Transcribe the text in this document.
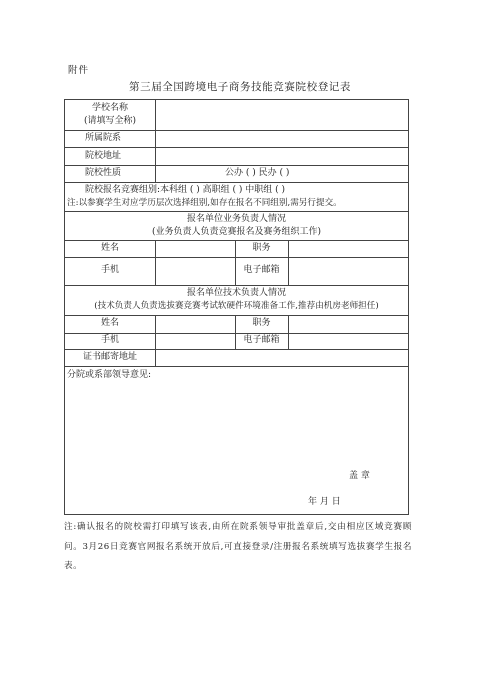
附件
第三届全国跨境电子商务技能竞赛院校登记表
学校名称
(请填写全称)
所属院系
院校地址
院校性质	公办 ( ) 民办 ( )
院校报名竞赛组别:本科组 ( ) 高职组 ( ) 中职组 ( )
注:以参赛学生对应学历层次选择组别,如存在报名不同组别,需另行提交。
报名单位业务负责人情况
(业务负责人负责竞赛报名及赛务组织工作)
姓名	职务
手机	电子邮箱
报名单位技术负责人情况
(技术负责人负责选拔赛竞赛考试软硬件环境准备工作,推荐由机房老师担任)
姓名	职务
手机	电子邮箱
证书邮寄地址
分院或系部领导意见:
盖 章
年 月 日
注:确认报名的院校需打印填写该表,由所在院系领导审批盖章后,交由相应区域竞赛顾问。3月26日竞赛官网报名系统开放后,可直接登录/注册报名系统填写选拔赛学生报名表。
